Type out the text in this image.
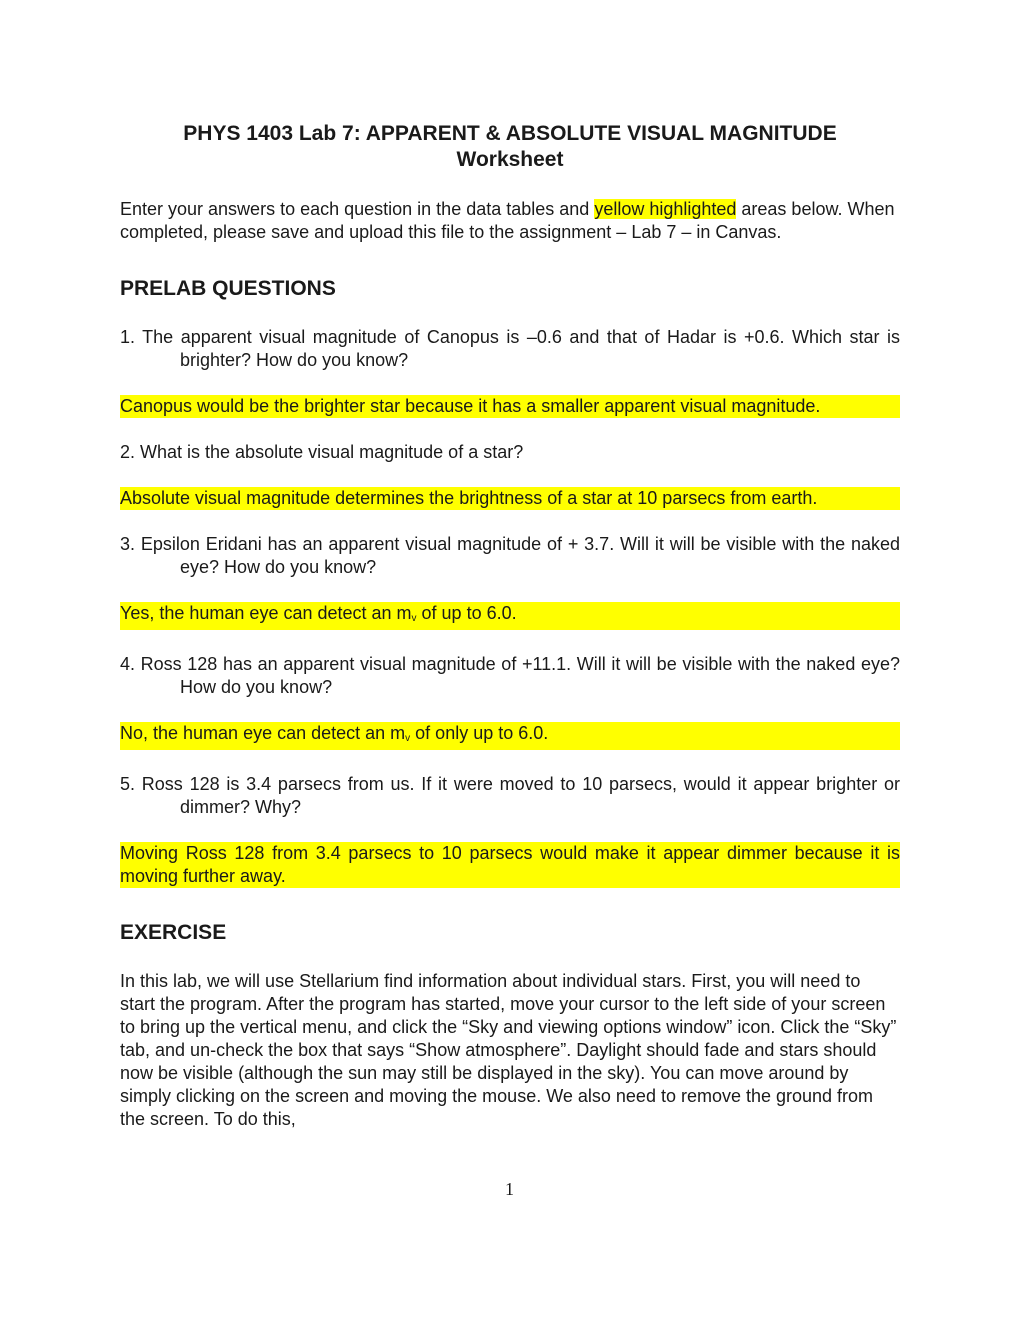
PHYS 1403 Lab 7: APPARENT & ABSOLUTE VISUAL MAGNITUDE
Worksheet

Enter your answers to each question in the data tables and yellow highlighted areas below. When completed, please save and upload this file to the assignment – Lab 7 – in Canvas.

PRELAB QUESTIONS

1. The apparent visual magnitude of Canopus is –0.6 and that of Hadar is +0.6. Which star is brighter? How do you know?

Canopus would be the brighter star because it has a smaller apparent visual magnitude.

2. What is the absolute visual magnitude of a star?

Absolute visual magnitude determines the brightness of a star at 10 parsecs from earth.

3. Epsilon Eridani has an apparent visual magnitude of + 3.7. Will it will be visible with the naked eye? How do you know?

Yes, the human eye can detect an $m_v$ of up to 6.0.

4. Ross 128 has an apparent visual magnitude of +11.1. Will it will be visible with the naked eye? How do you know?

No, the human eye can detect an $m_v$ of only up to 6.0.

5. Ross 128 is 3.4 parsecs from us. If it were moved to 10 parsecs, would it appear brighter or dimmer? Why?

Moving Ross 128 from 3.4 parsecs to 10 parsecs would make it appear dimmer because it is moving further away.

EXERCISE

In this lab, we will use Stellarium find information about individual stars. First, you will need to start the program. After the program has started, move your cursor to the left side of your screen to bring up the vertical menu, and click the “Sky and viewing options window” icon. Click the “Sky” tab, and un-check the box that says “Show atmosphere”. Daylight should fade and stars should now be visible (although the sun may still be displayed in the sky). You can move around by simply clicking on the screen and moving the mouse. We also need to remove the ground from the screen. To do this,

1
